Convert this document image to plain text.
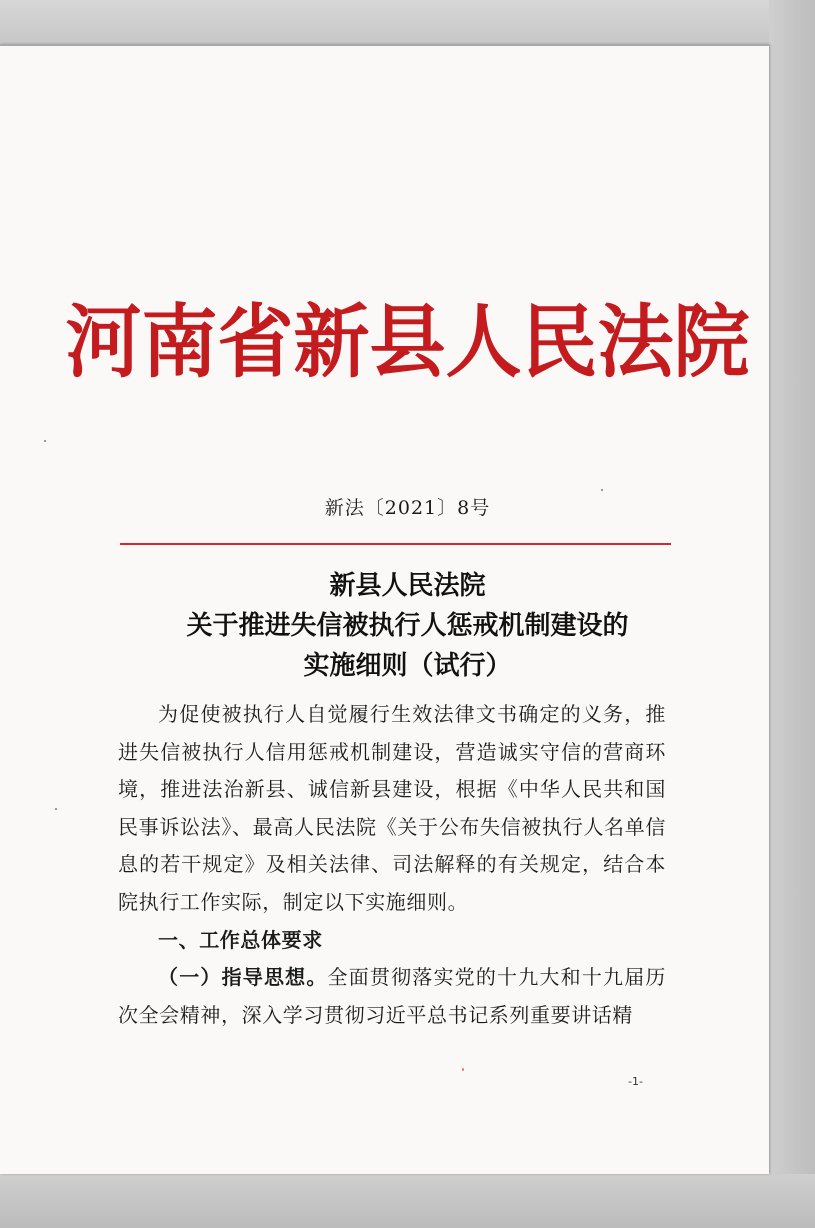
河南省新县人民法院
新法〔2021〕8号
新县人民法院
关于推进失信被执行人惩戒机制建设的
实施细则（试行）

为促使被执行人自觉履行生效法律文书确定的义务，推进失信被执行人信用惩戒机制建设，营造诚实守信的营商环境，推进法治新县、诚信新县建设，根据《中华人民共和国民事诉讼法》、最高人民法院《关于公布失信被执行人名单信息的若干规定》及相关法律、司法解释的有关规定，结合本院执行工作实际，制定以下实施细则。

一、工作总体要求

（一）指导思想。全面贯彻落实党的十九大和十九届历次全会精神，深入学习贯彻习近平总书记系列重要讲话精

-1-
